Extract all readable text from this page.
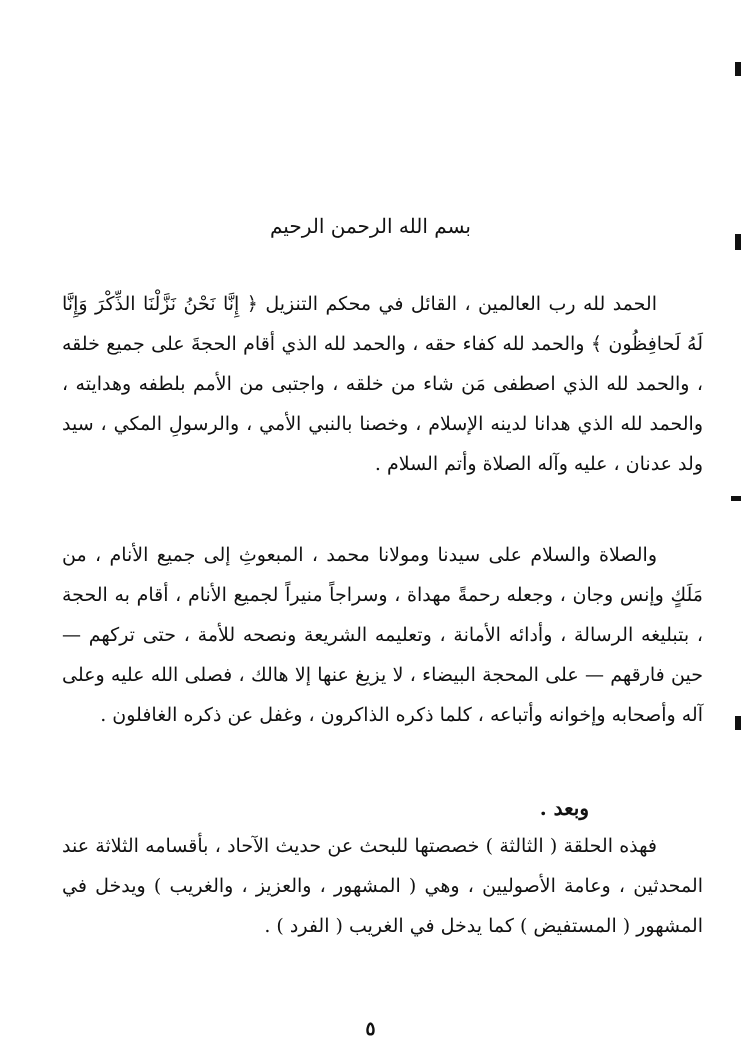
بسم الله الرحمن الرحيم

الحمد لله رب العالمين ، القائل في محكم التنزيل ﴿ إِنَّا نَحْنُ نَزَّلْنَا الذِّكْرَ وَإِنَّا لَهُ لَحافِظُون ﴾ والحمد لله كفاء حقه ، والحمد لله الذي أقام الحجةَ على جميع خلقه ، والحمد لله الذي اصطفى مَن شاء من خلقه ، واجتبى من الأمم بلطفه وهدايته ، والحمد لله الذي هدانا لدينه الإسلام ، وخصنا بالنبي الأمي ، والرسولِ المكي ، سيد ولد عدنان ، عليه وآله الصلاة وأتم السلام .

والصلاة والسلام على سيدنا ومولانا محمد ، المبعوثِ إلى جميع الأنام ، من مَلَكٍ وإنس وجان ، وجعله رحمةً مهداة ، وسراجاً منيراً لجميع الأنام ، أقام به الحجة ، بتبليغه الرسالة ، وأدائه الأمانة ، وتعليمه الشريعة ونصحه للأمة ، حتى تركهم — حين فارقهم — على المحجة البيضاء ، لا يزيغ عنها إلا هالك ، فصلى الله عليه وعلى آله وأصحابه وإخوانه وأتباعه ، كلما ذكره الذاكرون ، وغفل عن ذكره الغافلون .

وبعد .

فهذه الحلقة ( الثالثة ) خصصتها للبحث عن حديث الآحاد ، بأقسامه الثلاثة عند المحدثين ، وعامة الأصوليين ، وهي ( المشهور ، والعزيز ، والغريب ) ويدخل في المشهور ( المستفيض ) كما يدخل في الغريب ( الفرد ) .

٥
